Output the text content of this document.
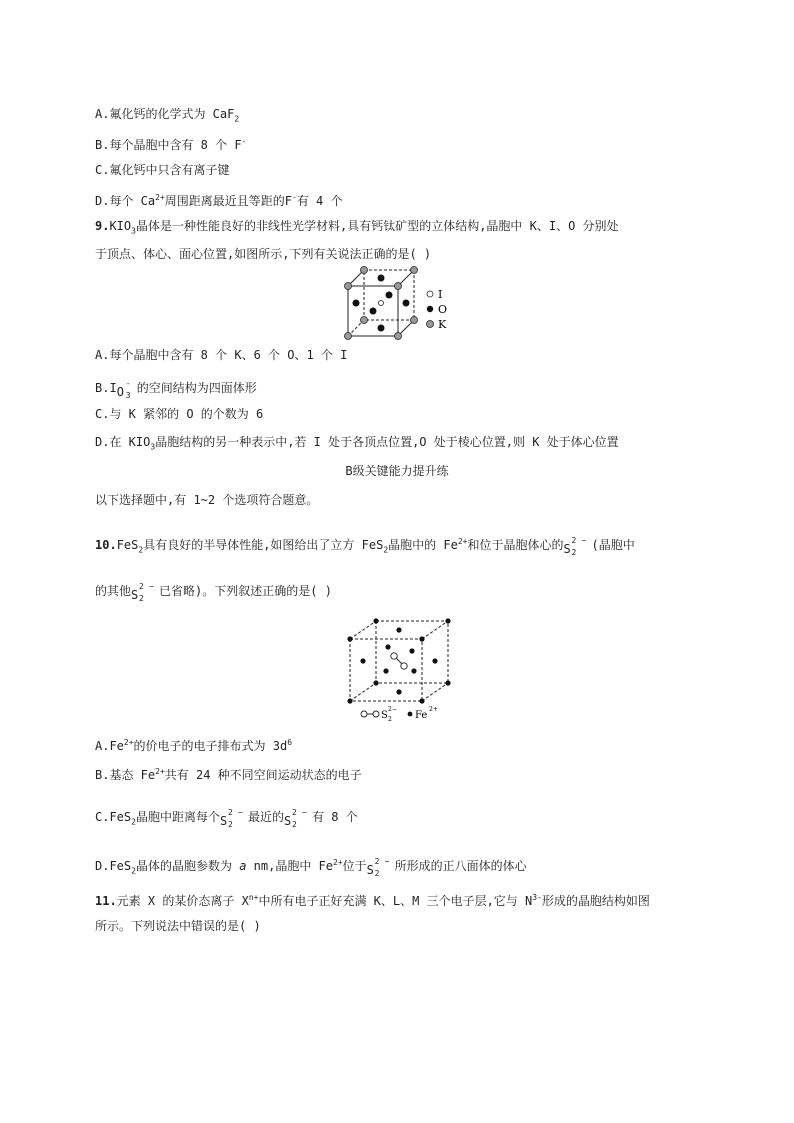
A.氟化钙的化学式为 CaF$_2$
B.每个晶胞中含有 8 个 F-
C.氟化钙中只含有离子键
D.每个 $Ca^{2+}$周围距离最近且等距的F-有 4 个
$9.KIO_3$晶体是一种性能良好的非线性光学材料,具有钙钛矿型的立体结构,晶胞中 K、I、O 分别处
于顶点、体心、面心位置,如图所示,下列有关说法正确的是( )
I
O
K
A.每个晶胞中含有 8 个 K、6 个 O、1 个 I
B.I O
-
3
的空间结构为四面体形
C.与 K 紧邻的 O 的个数为 6
D.在 $KIO_3$晶胞结构的另一种表示中,若 I 处于各顶点位置,O 处于棱心位置,则 K 处于体心位置
B级关键能力提升练
以下选择题中,有 1~2 个选项符合题意。
10.FeS$_2$具有良好的半导体性能,如图给出了立方 FeS$_2$晶胞中的 $Fe^{2+}$和位于晶胞体心的 S
2
2
− (晶胞中
的其他 S
2
2
− 已省略)。下列叙述正确的是( )
S
2−
2 Fe
2+
$A.Fe^{2+}$的价电子的电子排布式为 $3d^6$
B.基态 $Fe^{2+}$共有 24 种不同空间运动状态的电子
C.FeS$_2$晶胞中距离每个 S
2
2
− 最近的 S
2
2
− 有 8 个
D.FeS$_2$晶体的晶胞参数为 a nm,晶胞中 $Fe^{2+}$位于 S
2
2
− 所形成的正八面体的体心
11.元素 X 的某价态离子 $X^{n+}$中所有电子正好充满 K、L、M 三个电子层,它与 $N^{3-}$形成的晶胞结构如图
所示。下列说法中错误的是( )
